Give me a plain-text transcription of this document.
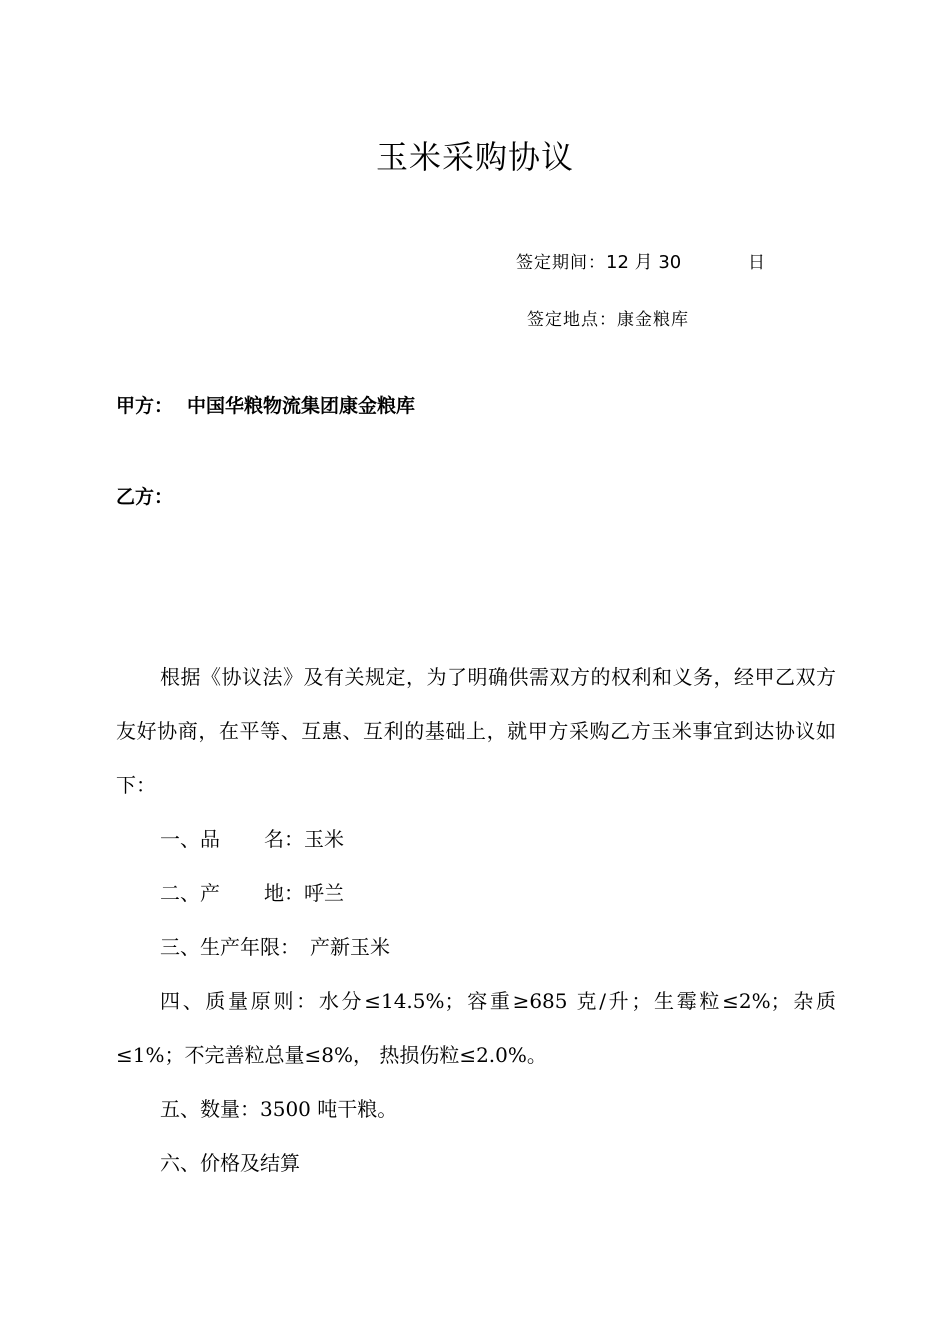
玉米采购协议
签定期间：12 月 30	日
签定地点：康金粮库
甲方： 中国华粮物流集团康金粮库
乙方：

根据《协议法》及有关规定，为了明确供需双方的权利和义务，经甲乙双方友好协商，在平等、互惠、互利的基础上，就甲方采购乙方玉米事宜到达协议如下：

一、品 名：玉米

二、产 地：呼兰

三、生产年限： 产新玉米

四、质量原则：水分≤14.5%；容重≥685 克/升；生霉粒≤2%；杂质≤1%；不完善粒总量≤8%， 热损伤粒≤2.0%。

五、数量：3500 吨干粮。

六、价格及结算
